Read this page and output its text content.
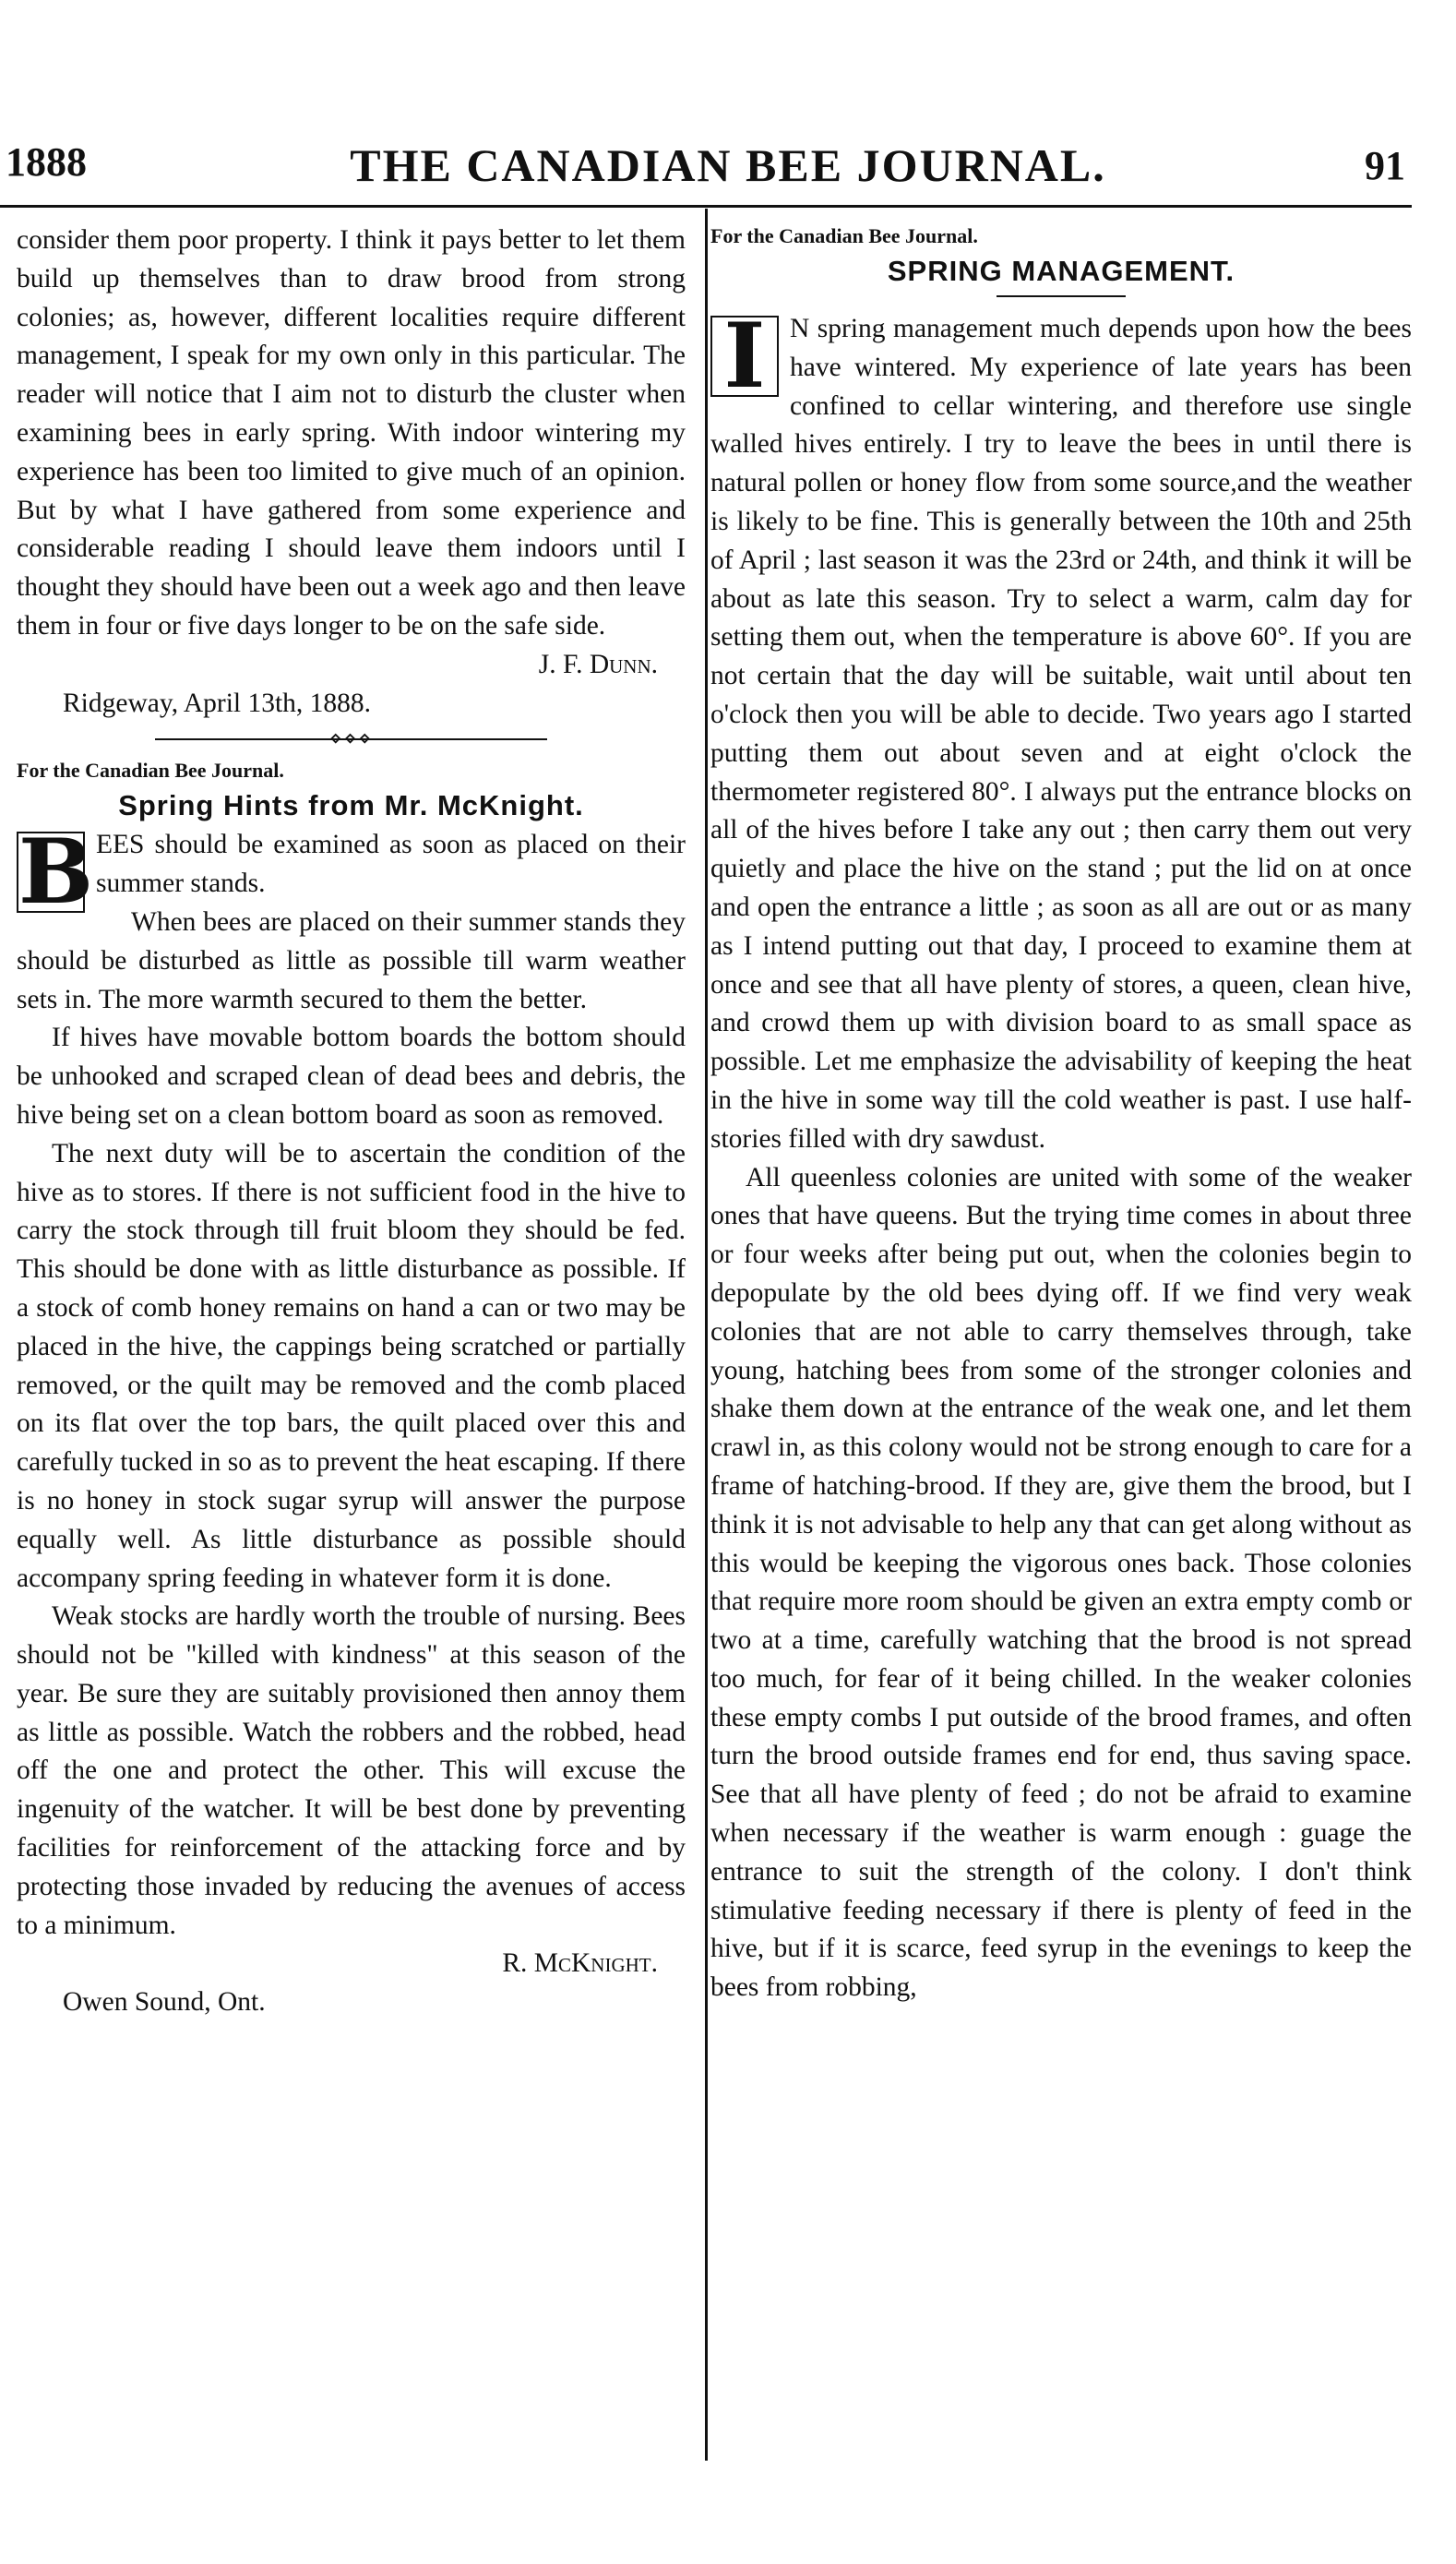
1888	THE CANADIAN BEE JOURNAL.	91

consider them poor property. I think it pays better to let them build up themselves than to draw brood from strong colonies; as, however, different localities require different management, I speak for my own only in this particular. The reader will notice that I aim not to disturb the cluster when examining bees in early spring. With indoor wintering my experience has been too limited to give much of an opinion. But by what I have gathered from some experience and considerable reading I should leave them indoors until I thought they should have been out a week ago and then leave them in four or five days longer to be on the safe side.

J. F. Dunn.

Ridgeway, April 13th, 1888.

⋄⋄⋄
For the Canadian Bee Journal.
Spring Hints from Mr. McKnight.

B EES should be examined as soon as placed on their summer stands.

When bees are placed on their summer stands they should be disturbed as little as possible till warm weather sets in. The more warmth secured to them the better.

If hives have movable bottom boards the bottom should be unhooked and scraped clean of dead bees and debris, the hive being set on a clean bottom board as soon as removed.

The next duty will be to ascertain the condition of the hive as to stores. If there is not sufficient food in the hive to carry the stock through till fruit bloom they should be fed. This should be done with as little disturbance as possible. If a stock of comb honey remains on hand a can or two may be placed in the hive, the cappings being scratched or partially removed, or the quilt may be removed and the comb placed on its flat over the top bars, the quilt placed over this and carefully tucked in so as to prevent the heat escaping. If there is no honey in stock sugar syrup will answer the purpose equally well. As little disturbance as possible should accompany spring feeding in whatever form it is done.

Weak stocks are hardly worth the trouble of nursing. Bees should not be "killed with kindness" at this season of the year. Be sure they are suitably provisioned then annoy them as little as possible. Watch the robbers and the robbed, head off the one and protect the other. This will excuse the ingenuity of the watcher. It will be best done by preventing facilities for reinforcement of the attacking force and by protecting those invaded by reducing the avenues of access to a minimum.

R. McKnight.

Owen Sound, Ont.

For the Canadian Bee Journal.
SPRING MANAGEMENT.

I N spring management much depends upon how the bees have wintered. My experience of late years has been confined to cellar wintering, and therefore use single walled hives entirely. I try to leave the bees in until there is natural pollen or honey flow from some source,and the weather is likely to be fine. This is generally between the 10th and 25th of April ; last season it was the 23rd or 24th, and think it will be about as late this season. Try to select a warm, calm day for setting them out, when the temperature is above 60°. If you are not certain that the day will be suitable, wait until about ten o'clock then you will be able to decide. Two years ago I started putting them out about seven and at eight o'clock the thermometer registered 80°. I always put the entrance blocks on all of the hives before I take any out ; then carry them out very quietly and place the hive on the stand ; put the lid on at once and open the entrance a little ; as soon as all are out or as many as I intend putting out that day, I proceed to examine them at once and see that all have plenty of stores, a queen, clean hive, and crowd them up with division board to as small space as possible. Let me emphasize the advisability of keeping the heat in the hive in some way till the cold weather is past. I use half-stories filled with dry sawdust.

All queenless colonies are united with some of the weaker ones that have queens. But the trying time comes in about three or four weeks after being put out, when the colonies begin to depopulate by the old bees dying off. If we find very weak colonies that are not able to carry themselves through, take young, hatching bees from some of the stronger colonies and shake them down at the entrance of the weak one, and let them crawl in, as this colony would not be strong enough to care for a frame of hatching-brood. If they are, give them the brood, but I think it is not advisable to help any that can get along without as this would be keeping the vigorous ones back. Those colonies that require more room should be given an extra empty comb or two at a time, carefully watching that the brood is not spread too much, for fear of it being chilled. In the weaker colonies these empty combs I put outside of the brood frames, and often turn the brood outside frames end for end, thus saving space. See that all have plenty of feed ; do not be afraid to examine when necessary if the weather is warm enough : guage the entrance to suit the strength of the colony. I don't think stimulative feeding necessary if there is plenty of feed in the hive, but if it is scarce, feed syrup in the evenings to keep the bees from robbing,
